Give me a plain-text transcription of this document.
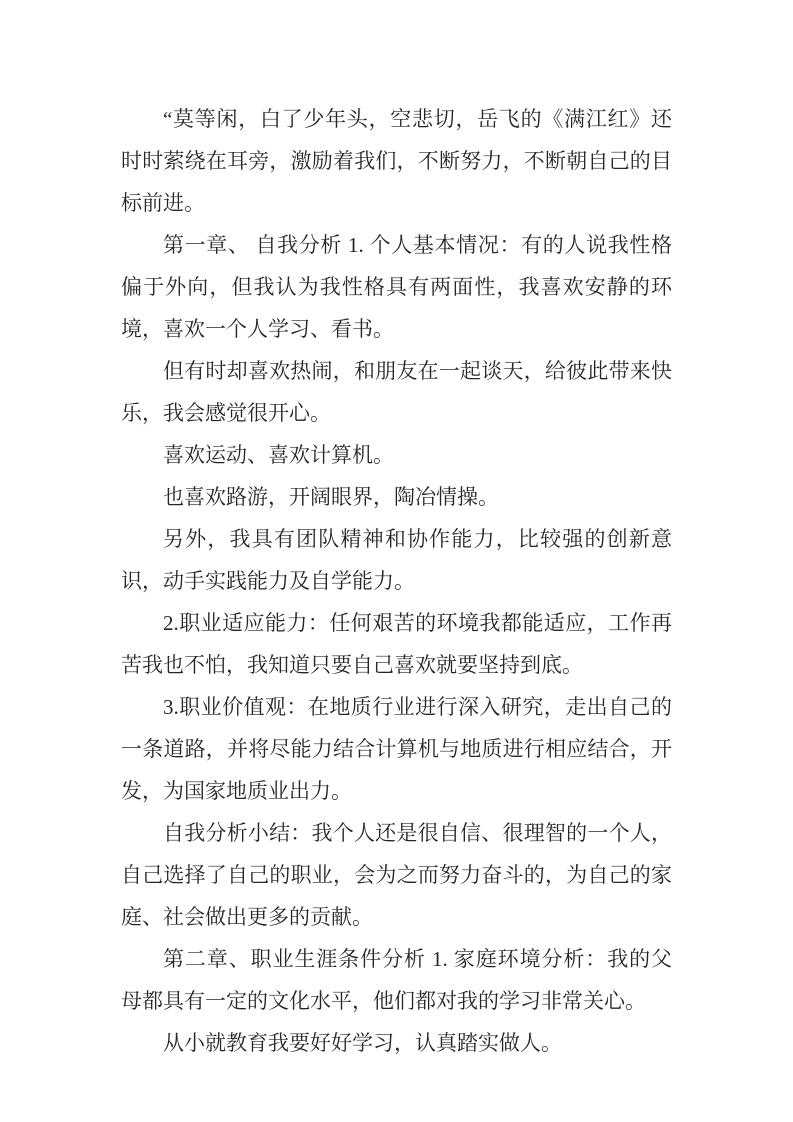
“莫等闲，白了少年头，空悲切，岳飞的《满江红》还时时萦绕在耳旁，激励着我们，不断努力，不断朝自己的目标前进。

第一章、 自我分析 1. 个人基本情况：有的人说我性格偏于外向，但我认为我性格具有两面性，我喜欢安静的环境，喜欢一个人学习、看书。

但有时却喜欢热闹，和朋友在一起谈天，给彼此带来快乐，我会感觉很开心。

喜欢运动、喜欢计算机。

也喜欢路游，开阔眼界，陶冶情操。

另外，我具有团队精神和协作能力，比较强的创新意识，动手实践能力及自学能力。

2.职业适应能力：任何艰苦的环境我都能适应，工作再苦我也不怕，我知道只要自己喜欢就要坚持到底。

3.职业价值观：在地质行业进行深入研究，走出自己的一条道路，并将尽能力结合计算机与地质进行相应结合，开发，为国家地质业出力。

自我分析小结：我个人还是很自信、很理智的一个人，自己选择了自己的职业，会为之而努力奋斗的，为自己的家庭、社会做出更多的贡献。

第二章、职业生涯条件分析 1. 家庭环境分析：我的父母都具有一定的文化水平，他们都对我的学习非常关心。

从小就教育我要好好学习，认真踏实做人。
